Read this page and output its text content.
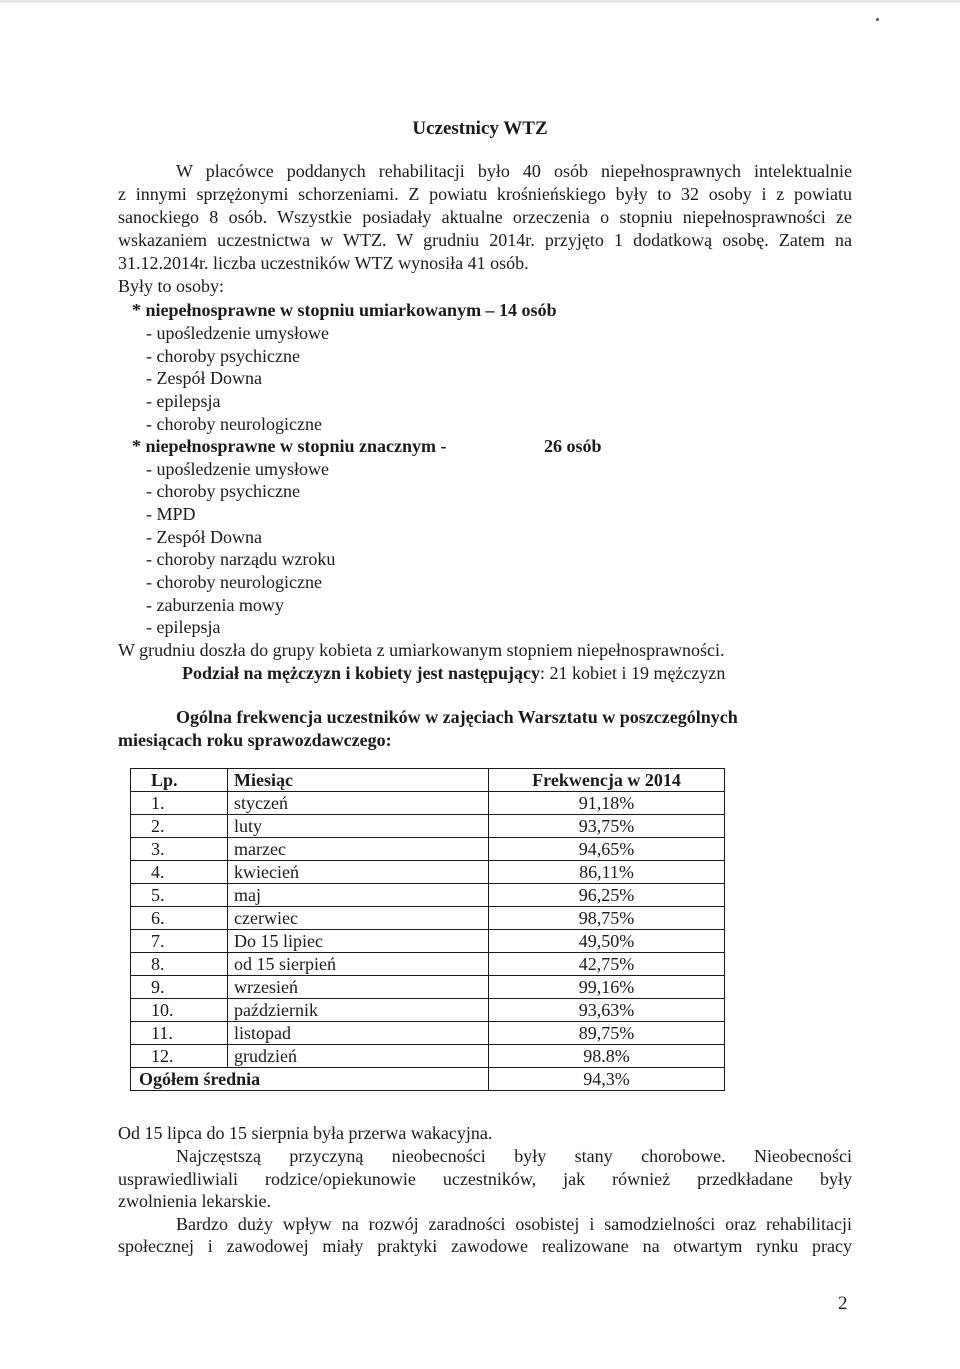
Uczestnicy WTZ
W placówce poddanych rehabilitacji było 40 osób niepełnosprawnych intelektualnie
z innymi sprzężonymi schorzeniami. Z powiatu krośnieńskiego były to 32 osoby i z powiatu
sanockiego 8 osób. Wszystkie posiadały aktualne orzeczenia o stopniu niepełnosprawności ze
wskazaniem uczestnictwa w WTZ. W grudniu 2014r. przyjęto 1 dodatkową osobę. Zatem na
31.12.2014r. liczba uczestników WTZ wynosiła 41 osób.
Były to osoby:
* niepełnosprawne w stopniu umiarkowanym – 14 osób
- upośledzenie umysłowe
- choroby psychiczne
- Zespół Downa
- epilepsja
- choroby neurologiczne
* niepełnosprawne w stopniu znacznym -	26 osób
- upośledzenie umysłowe
- choroby psychiczne
- MPD
- Zespół Downa
- choroby narządu wzroku
- choroby neurologiczne
- zaburzenia mowy
- epilepsja
W grudniu doszła do grupy kobieta z umiarkowanym stopniem niepełnosprawności.
Podział na mężczyzn i kobiety jest następujący: 21 kobiet i 19 mężczyzn
Ogólna frekwencja uczestników w zajęciach Warsztatu w poszczególnych
miesiącach roku sprawozdawczego:
Lp.	Miesiąc	Frekwencja w 2014
1.	styczeń	91,18%
2.	luty	93,75%
3.	marzec	94,65%
4.	kwiecień	86,11%
5.	maj	96,25%
6.	czerwiec	98,75%
7.	Do 15 lipiec	49,50%
8.	od 15 sierpień	42,75%
9.	wrzesień	99,16%
10.	październik	93,63%
11.	listopad	89,75%
12.	grudzień	98.8%
Ogółem średnia		94,3%
Od 15 lipca do 15 sierpnia była przerwa wakacyjna.
Najczęstszą przyczyną nieobecności były stany chorobowe. Nieobecności
usprawiedliwiali rodzice/opiekunowie uczestników, jak również przedkładane były
zwolnienia lekarskie.
Bardzo duży wpływ na rozwój zaradności osobistej i samodzielności oraz rehabilitacji
społecznej i zawodowej miały praktyki zawodowe realizowane na otwartym rynku pracy
2
